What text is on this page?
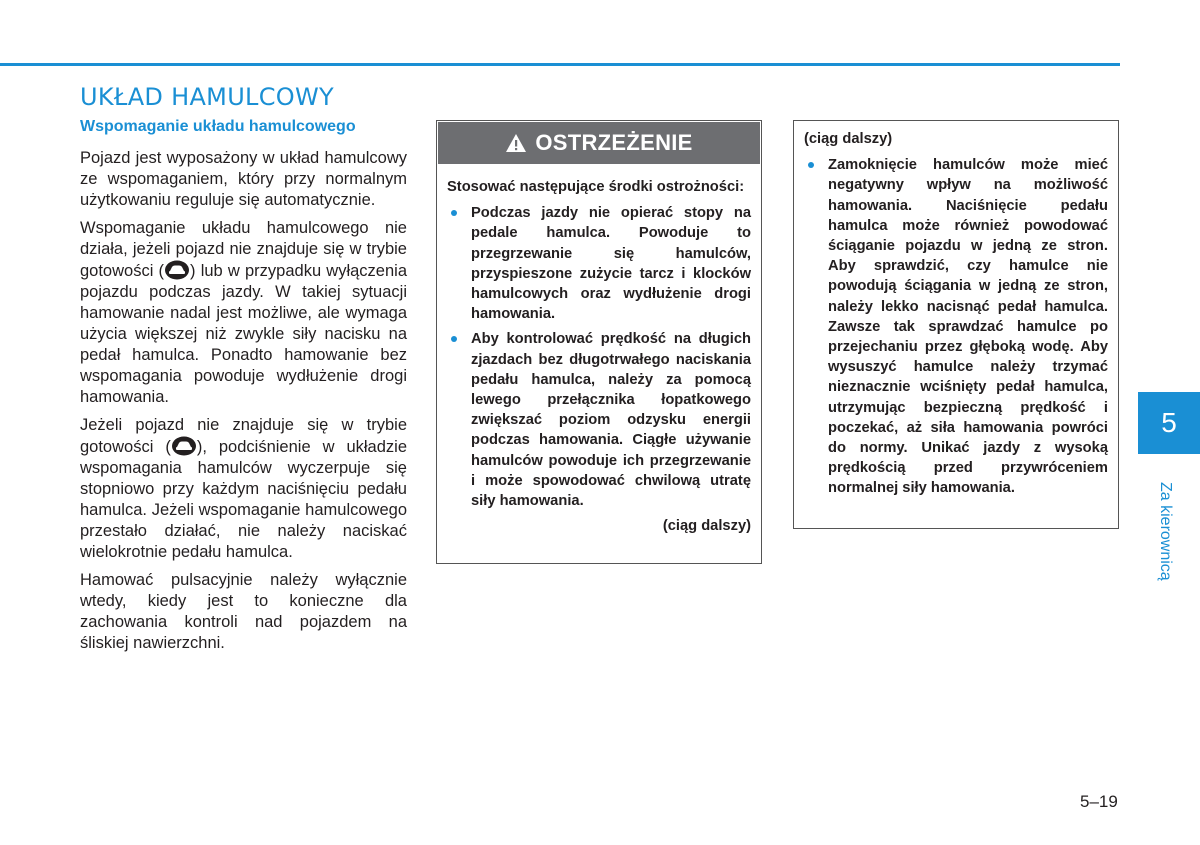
UKŁAD HAMULCOWY
Wspomaganie układu hamulcowego

Pojazd jest wyposażony w układ hamulcowy ze wspomaganiem, który przy normalnym użytkowaniu reguluje się automatycznie.

Wspomaganie układu hamulcowego nie działa, jeżeli pojazd nie znajduje się w trybie gotowości ( ) lub w przypadku wyłączenia pojazdu podczas jazdy. W takiej sytuacji hamowanie nadal jest możliwe, ale wymaga użycia większej niż zwykle siły nacisku na pedał hamulca. Ponadto hamowanie bez wspomagania powoduje wydłużenie drogi hamowania.

Jeżeli pojazd nie znajduje się w trybie gotowości ( ), podciśnienie w układzie wspomagania hamulców wyczerpuje się stopniowo przy każdym naciśnięciu pedału hamulca. Jeżeli wspomaganie hamulcowego przestało działać, nie należy naciskać wielokrotnie pedału hamulca.

Hamować pulsacyjnie należy wyłącznie wtedy, kiedy jest to konieczne dla zachowania kontroli nad pojazdem na śliskiej nawierzchni.

OSTRZEŻENIE

Stosować następujące środki ostrożności:

Podczas jazdy nie opierać stopy na pedale hamulca. Powoduje to przegrzewanie się hamulców, przyspieszone zużycie tarcz i klocków hamulcowych oraz wydłużenie drogi hamowania.
Aby kontrolować prędkość na długich zjazdach bez długotrwałego naciskania pedału hamulca, należy za pomocą lewego przełącznika łopatkowego zwiększać poziom odzysku energii podczas hamowania. Ciągłe używanie hamulców powoduje ich przegrzewanie i może spowodować chwilową utratę siły hamowania.
(ciąg dalszy)

(ciąg dalszy)

Zamoknięcie hamulców może mieć negatywny wpływ na możliwość hamowania. Naciśnięcie pedału hamulca może również powodować ściąganie pojazdu w jedną ze stron. Aby sprawdzić, czy hamulce nie powodują ściągania w jedną ze stron, należy lekko nacisnąć pedał hamulca. Zawsze tak sprawdzać hamulce po przejechaniu przez głęboką wodę. Aby wysuszyć hamulce należy trzymać nieznacznie wciśnięty pedał hamulca, utrzymując bezpieczną prędkość i poczekać, aż siła hamowania powróci do normy. Unikać jazdy z wysoką prędkością przed przywróceniem normalnej siły hamowania.
5
Za kierownicą
5–19
